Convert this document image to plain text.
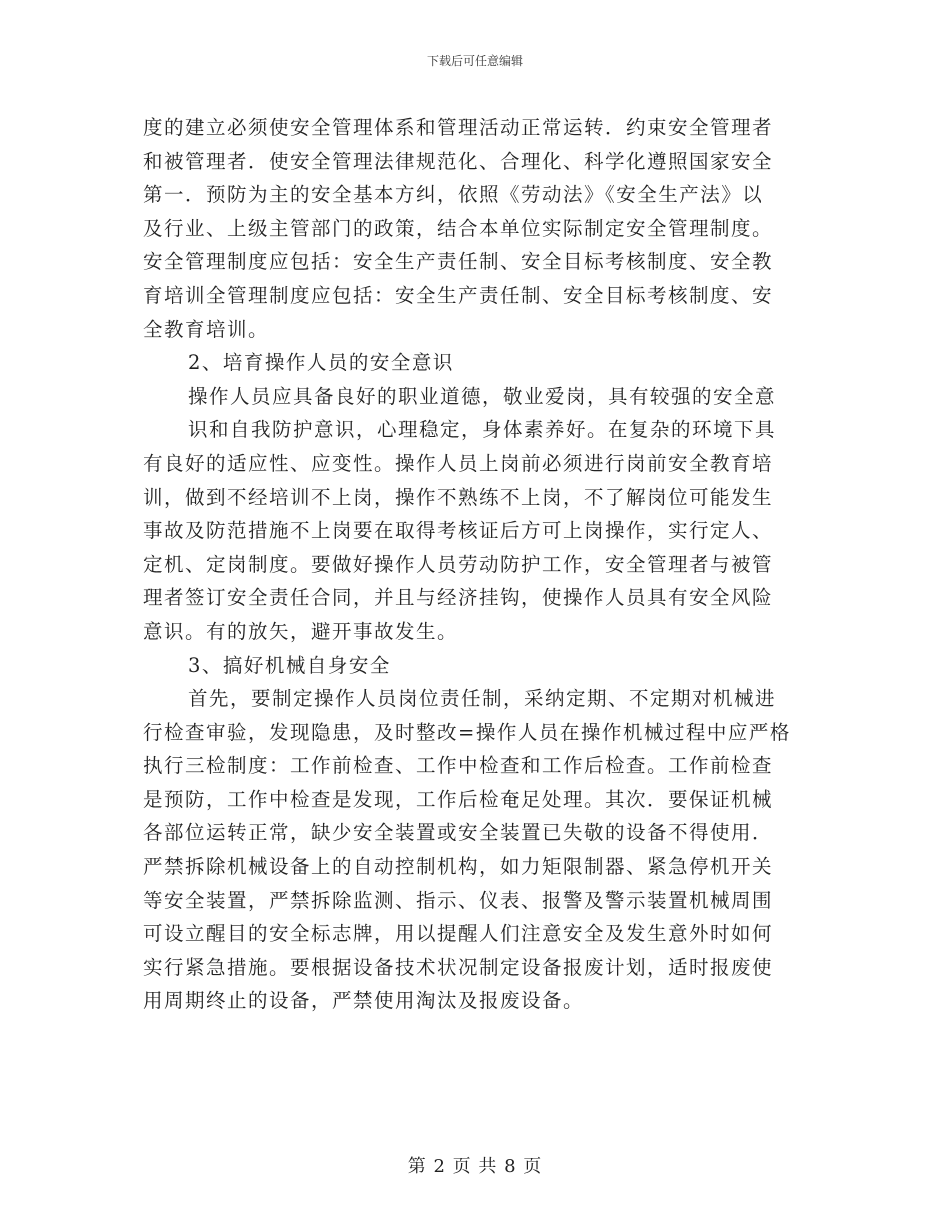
下载后可任意编辑
度的建立必须使安全管理体系和管理活动正常运转．约束安全管理者
和被管理者．使安全管理法律规范化、合理化、科学化遵照国家安全
第一．预防为主的安全基本方纠，依照《劳动法》《安全生产法》以
及行业、上级主管部门的政策，结合本单位实际制定安全管理制度。
安全管理制度应包括：安全生产责任制、安全目标考核制度、安全教
育培训全管理制度应包括：安全生产责任制、安全目标考核制度、安
全教育培训。
2、培育操作人员的安全意识
操作人员应具备良好的职业道德，敬业爱岗，具有较强的安全意
识和自我防护意识，心理稳定，身体素养好。在复杂的环境下具
有良好的适应性、应变性。操作人员上岗前必须进行岗前安全教育培
训，做到不经培训不上岗，操作不熟练不上岗，不了解岗位可能发生
事故及防范措施不上岗要在取得考核证后方可上岗操作，实行定人、
定机、定岗制度。要做好操作人员劳动防护工作，安全管理者与被管
理者签订安全责任合同，并且与经济挂钩，使操作人员具有安全风险
意识。有的放矢，避开事故发生。
3、搞好机械自身安全
首先，要制定操作人员岗位责任制，采纳定期、不定期对机械进
行检查审验，发现隐患，及时整改=操作人员在操作机械过程中应严格
执行三检制度：工作前检查、工作中检查和工作后检查。工作前检查
是预防，工作中检查是发现，工作后检奄足处理。其次．要保证机械
各部位运转正常，缺少安全装置或安全装置已失敬的设备不得使用．
严禁拆除机械设备上的自动控制机构，如力矩限制器、紧急停机开关
等安全装置，严禁拆除监测、指示、仪表、报警及警示装置机械周围
可设立醒目的安全标志牌，用以提醒人们注意安全及发生意外时如何
实行紧急措施。要根据设备技术状况制定设备报废计划，适时报废使
用周期终止的设备，严禁使用淘汰及报废设备。
第 2 页 共 8 页
